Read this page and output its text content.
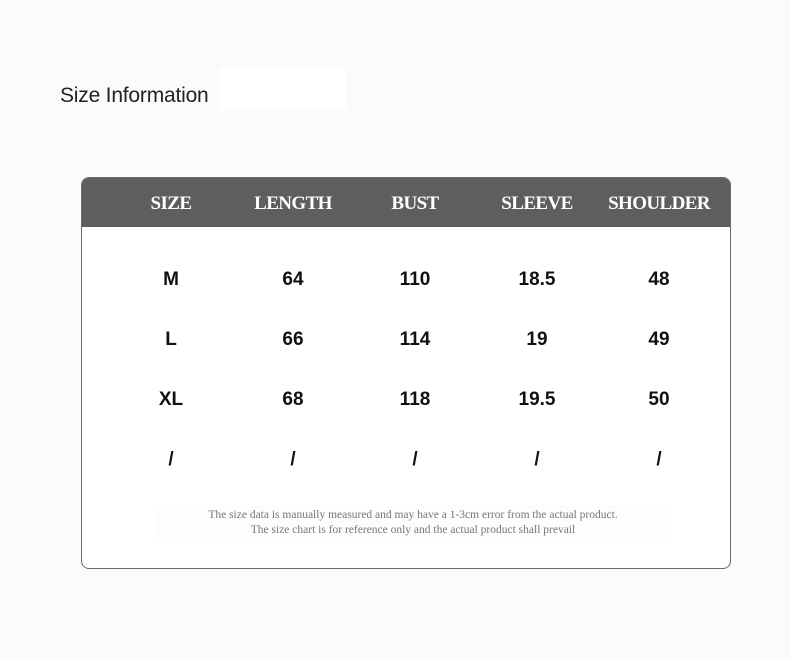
Size Information
SIZE	LENGTH	BUST	SLEEVE	SHOULDER
M	64	110	18.5	48
L	66	114	19	49
XL	68	118	19.5	50
/	/	/	/	/
The size data is manually measured and may have a 1-3cm error from the actual product.
The size chart is for reference only and the actual product shall prevail
